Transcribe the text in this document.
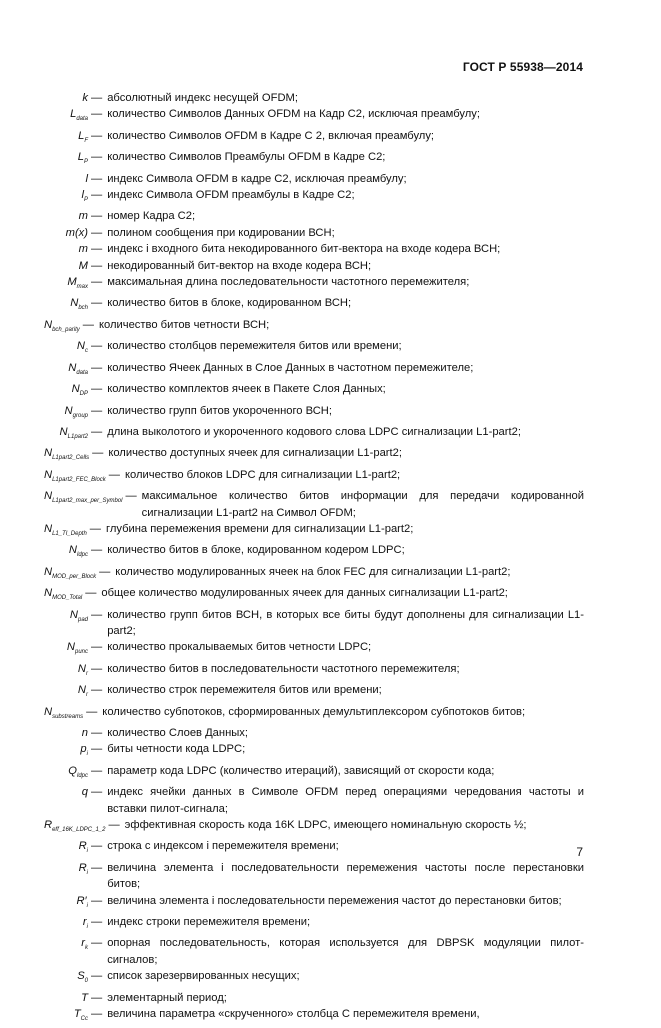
ГОСТ Р 55938—2014
k — абсолютный индекс несущей OFDM;
$L_{data}$ — количество Символов Данных OFDM на Кадр С2, исключая преамбулу;
$L_F$ — количество Символов OFDM в Кадре С 2, включая преамбулу;
$L_P$ — количество Символов Преамбулы OFDM в Кадре С2;
l — индекс Символа OFDM в кадре С2, исключая преамбулу;
$l_P$ — индекс Символа OFDM преамбулы в Кадре С2;
m — номер Кадра С2;
m(x) — полином сообщения при кодировании ВСН;
m — индекс i входного бита некодированного бит-вектора на входе кодера ВСН;
M — некодированный бит-вектор на входе кодера ВСН;
$M_{max}$ — максимальная длина последовательности частотного перемежителя;
$N_{bch}$ — количество битов в блоке, кодированном ВСН;
$N_{bch\_parity}$ — количество битов четности ВСН;
$N_c$ — количество столбцов перемежителя битов или времени;
$N_{data}$ — количество Ячеек Данных в Слое Данных в частотном перемежителе;
$N_{DP}$ — количество комплектов ячеек в Пакете Слоя Данных;
$N_{group}$ — количество групп битов укороченного ВСН;
$N_{L1part2}$ — длина выколотого и укороченного кодового слова LDPC сигнализации L1-part2;
$N_{L1part2\_Cells}$ — количество доступных ячеек для сигнализации L1-part2;
$N_{L1part2\_FEC\_Block}$ — количество блоков LDPC для сигнализации L1-part2;
$N_{L1part2\_max\_per\_Symbol}$ — максимальное количество битов информации для передачи кодированной сигнализации L1-part2 на Символ OFDM;
$N_{L1\_TI\_Depth}$ — глубина перемежения времени для сигнализации L1-part2;
$N_{ldpc}$ — количество битов в блоке, кодированном кодером LDPC;
$N_{MOD\_per\_Block}$ — количество модулированных ячеек на блок FEC для сигнализации L1-part2;
$N_{MOD\_Total}$ — общее количество модулированных ячеек для данных сигнализации L1-part2;
$N_{pad}$ — количество групп битов ВСН, в которых все биты будут дополнены для сигнализации L1-part2;
$N_{punc}$ — количество прокалываемых битов четности LDPC;
$N_r$ — количество битов в последовательности частотного перемежителя;
$N_r$ — количество строк перемежителя битов или времени;
$N_{substreams}$ — количество субпотоков, сформированных демультиплексором субпотоков битов;
n — количество Слоев Данных;
$p_i$ — биты четности кода LDPC;
$Q_{ldpc}$ — параметр кода LDPC (количество итераций), зависящий от скорости кода;
q — индекс ячейки данных в Символе OFDM перед операциями чередования частоты и вставки пилот-сигнала;
$R_{eff\_16K\_LDPC\_1\_2}$ — эффективная скорость кода 16K LDPC, имеющего номинальную скорость ½;
$R_i$ — строка с индексом i перемежителя времени;
$R_i$ — величина элемента i последовательности перемежения частоты после перестановки битов;
$R'_i$ — величина элемента i последовательности перемежения частот до перестановки битов;
$r_i$ — индекс строки перемежителя времени;
$r_k$ — опорная последовательность, которая используется для DBPSK модуляции пилот-сигналов;
$S_0$ — список зарезервированных несущих;
T — элементарный период;
$T_{Cc}$ — величина параметра «скрученного» столбца С перемежителя времени,
7
